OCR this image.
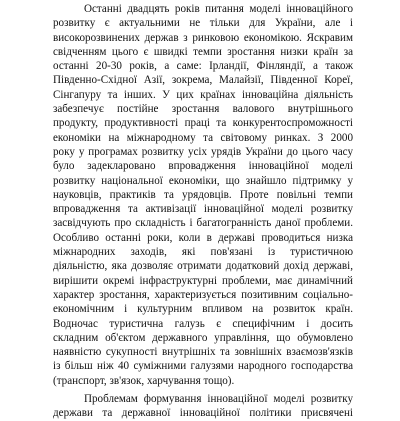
Останні двадцять років питання моделі інноваційного
розвитку є актуальними не тільки для України, але і
високорозвинених держав з ринковою економікою. Яскравим
свідченням цього є швидкі темпи зростання низки країн за
останні 20-30 років, а саме: Ірландії, Фінляндії, а також
Південно-Східної Азії, зокрема, Малайзії, Південної Кореї,
Сінгапуру та інших. У цих країнах інноваційна діяльність
забезпечує постійне зростання валового внутрішнього
продукту, продуктивності праці та конкурентоспроможності
економіки на міжнародному та світовому ринках. З 2000
року у програмах розвитку усіх урядів України до цього часу
було задекларовано впровадження інноваційної моделі
розвитку національної економіки, що знайшло підтримку у
науковців, практиків та урядовців. Проте повільні темпи
впровадження та активізації інноваційної моделі розвитку
засвідчують про складність і багатогранність даної проблеми.
Особливо останні роки, коли в державі проводиться низка
міжнародних заходів, які пов'язані із туристичною
діяльністю, яка дозволяє отримати додатковий дохід державі,
вирішити окремі інфраструктурні проблеми, має динамічний
характер зростання, характеризується позитивним соціально-
економічним і культурним впливом на розвиток країн.
Водночас туристична галузь є специфічним і досить
складним об'єктом державного управління, що обумовлено
наявністю сукупності внутрішніх та зовнішніх взаємозв'язків
із більш ніж 40 суміжними галузями народного господарства
(транспорт, зв'язок, харчування тощо).
Проблемам формування інноваційної моделі розвитку
держави та державної інноваційної політики присвячені
